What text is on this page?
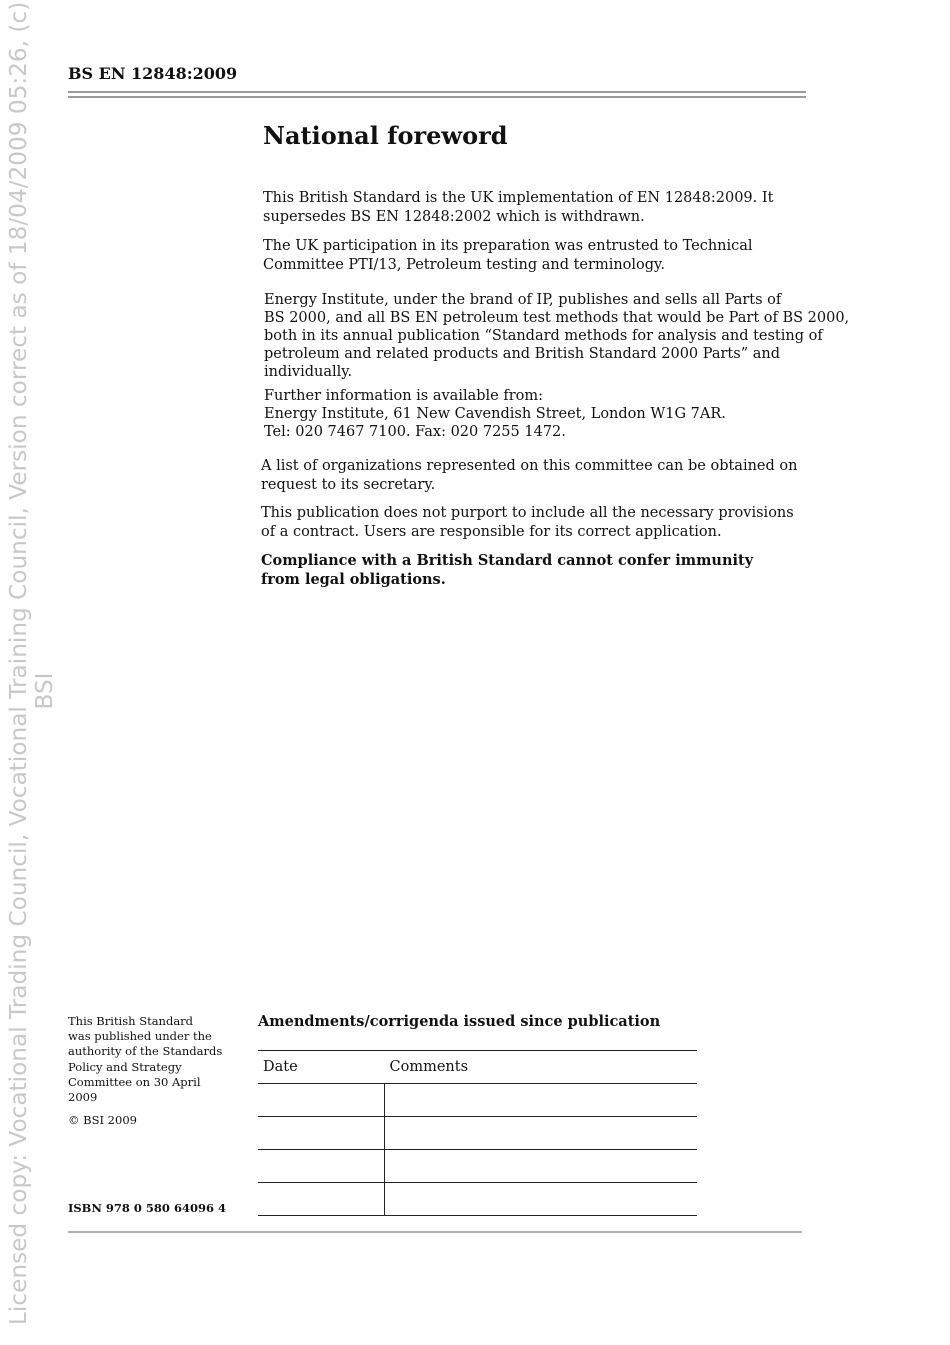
Licensed copy: Vocational Trading Council, Vocational Training Council, Version correct as of 18/04/2009 05:26, (c) BSI
BS EN 12848:2009
National foreword

This British Standard is the UK implementation of EN 12848:2009. It
supersedes BS EN 12848:2002 which is withdrawn.

The UK participation in its preparation was entrusted to Technical
Committee PTI/13, Petroleum testing and terminology.

Energy Institute, under the brand of IP, publishes and sells all Parts of
BS 2000, and all BS EN petroleum test methods that would be Part of BS 2000,
both in its annual publication “Standard methods for analysis and testing of
petroleum and related products and British Standard 2000 Parts” and
individually.

Further information is available from:
Energy Institute, 61 New Cavendish Street, London W1G 7AR.
Tel: 020 7467 7100. Fax: 020 7255 1472.

A list of organizations represented on this committee can be obtained on
request to its secretary.

This publication does not purport to include all the necessary provisions
of a contract. Users are responsible for its correct application.

Compliance with a British Standard cannot confer immunity
from legal obligations.

This British Standard
was published under the
authority of the Standards
Policy and Strategy
Committee on 30 April
2009

© BSI 2009
ISBN 978 0 580 64096 4
Amendments/corrigenda issued since publication
Date	Comments
